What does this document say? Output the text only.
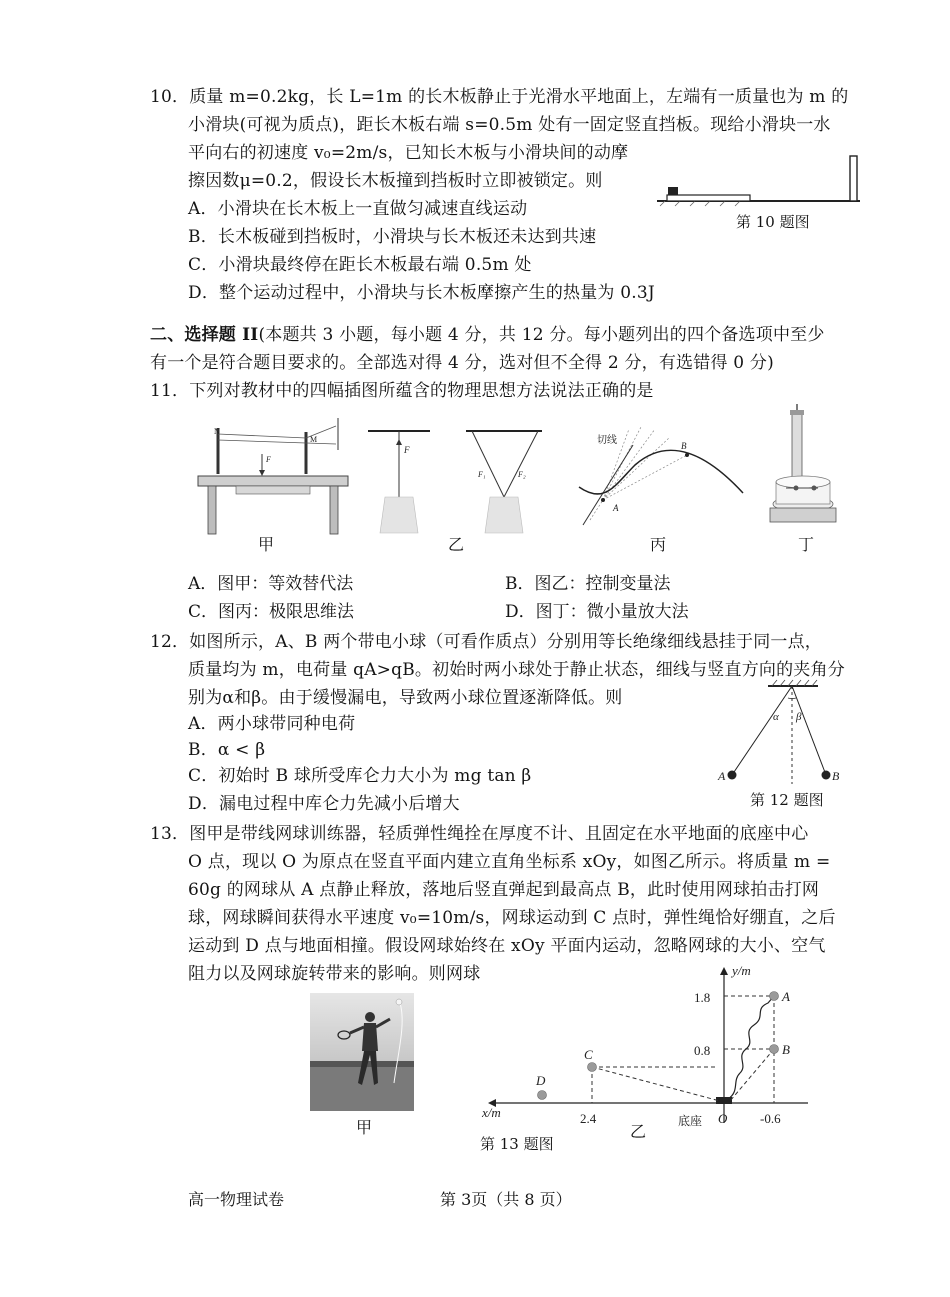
10．质量 m=0.2kg，长 L=1m 的长木板静止于光滑水平地面上，左端有一质量也为 m 的
小滑块(可视为质点)，距长木板右端 s=0.5m 处有一固定竖直挡板。现给小滑块一水
平向右的初速度 v₀=2m/s，已知长木板与小滑块间的动摩
擦因数μ=0.2，假设长木板撞到挡板时立即被锁定。则
A．小滑块在长木板上一直做匀减速直线运动
B．长木板碰到挡板时，小滑块与长木板还未达到共速
C．小滑块最终停在距长木板最右端 0.5m 处
D．整个运动过程中，小滑块与长木板摩擦产生的热量为 0.3J
第 10 题图
二、选择题 II(本题共 3 小题，每小题 4 分，共 12 分。每小题列出的四个备选项中至少
有一个是符合题目要求的。全部选对得 4 分，选对但不全得 2 分，有选错得 0 分)
11．下列对教材中的四幅插图所蕴含的物理思想方法说法正确的是
N
M
F
F
F₁	F₂
切线
A
B
甲	乙	丙	丁
A．图甲：等效替代法	B．图乙：控制变量法
C．图丙：极限思维法	D．图丁：微小量放大法
12．如图所示，A、B 两个带电小球（可看作质点）分别用等长绝缘细线悬挂于同一点，
质量均为 m，电荷量 qA>qB。初始时两小球处于静止状态，细线与竖直方向的夹角分
别为α和β。由于缓慢漏电，导致两小球位置逐渐降低。则
A．两小球带同种电荷
B．α < β
C．初始时 B 球所受库仑力大小为 mg tan β
D．漏电过程中库仑力先减小后增大
α β
A	B
第 12 题图
13．图甲是带线网球训练器，轻质弹性绳拴在厚度不计、且固定在水平地面的底座中心
O 点，现以 O 为原点在竖直平面内建立直角坐标系 xOy，如图乙所示。将质量 m =
60g 的网球从 A 点静止释放，落地后竖直弹起到最高点 B，此时使用网球拍击打网
球，网球瞬间获得水平速度 v₀=10m/s，网球运动到 C 点时，弹性绳恰好绷直，之后
运动到 D 点与地面相撞。假设网球始终在 xOy 平面内运动，忽略网球的大小、空气
阻力以及网球旋转带来的影响。则网球
甲
y/m
x/m
1.8
0.8
2.4	-0.6
O
底座
A
B
C
D
乙
第 13 题图
高一物理试卷	第 3页（共 8 页）
